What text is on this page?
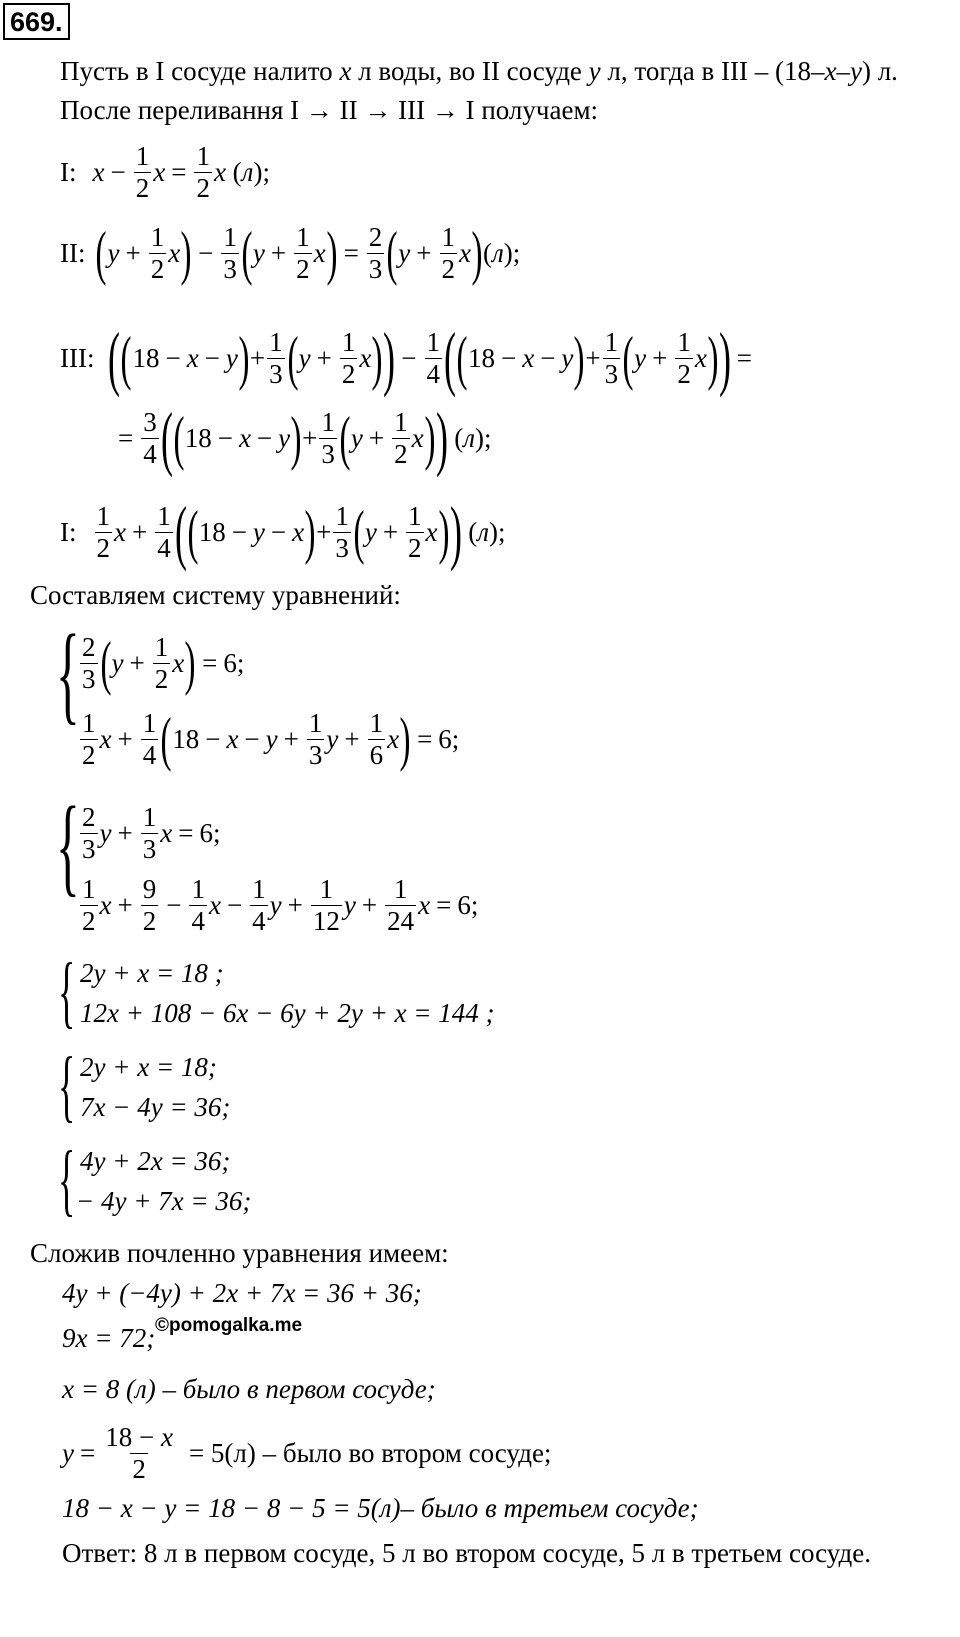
669.
Пусть в I сосуде налито x л воды, во II сосуде y л, тогда в III – (18–x–y) л.
После переливання I → II → III → I получаем:
I: $x - \frac{1}{2}$ $x = \frac{1}{2}$ x ( л );
II: ( $y + \frac{1}{2}$ x ) − $\frac{1}{3}$ ( $y + \frac{1}{2}$ x ) = $\frac{2}{3}$ ( $y + \frac{1}{2}$ x ) ( л );
III: ( ( 18 − x − y ) + $\frac{1}{3}$ ( $y + \frac{1}{2}$ x ) ) − $\frac{1}{4}$ ( ( 18 − x − y ) + $\frac{1}{3}$ ( $y + \frac{1}{2}$ x ) ) =
= $\frac{3}{4}$ ( ( 18 − x − y ) + $\frac{1}{3}$ ( $y + \frac{1}{2}$ x ) ) ( л );
I: $\frac{1}{2}$ $x + \frac{1}{4}$ ( ( 18 − y − x ) + $\frac{1}{3}$ ( $y + \frac{1}{2}$ x ) ) ( л );
Составляем систему уравнений:
{ $\frac{2}{3}$ ( $y + \frac{1}{2}$ x ) = 6;
$\frac{1}{2}$ $x + \frac{1}{4}$ ( $18 - x - y + \frac{1}{3}$ $y + \frac{1}{6}$ x ) = 6;
{ $\frac{2}{3}$ $y + \frac{1}{3}$ x = 6;
$\frac{1}{2}$ $x + \frac{9}{2} - \frac{1}{4}$ $x - \frac{1}{4}$ $y + \frac{1}{12}$ $y + \frac{1}{24}$ x = 6;
{ 2y + x = 18 ;
12x + 108 − 6x − 6y + 2y + x = 144 ;
{ 2y + x = 18;
7x − 4y = 36;
{ 4y + 2x = 36;
− 4y + 7x = 36;
Сложив почленно уравнения имеем:
4y + (−4y) + 2x + 7x = 36 + 36;
9x = 72; ©pomogalka.me
x = 8 (л) – было в первом сосуде;
$y = \frac{18 - x}{2} = 5(л)$ – было во втором сосуде;
18 − x − y = 18 − 8 − 5 = 5(л)– было в третьем сосуде;
Ответ: 8 л в первом сосуде, 5 л во втором сосуде, 5 л в третьем сосуде.
